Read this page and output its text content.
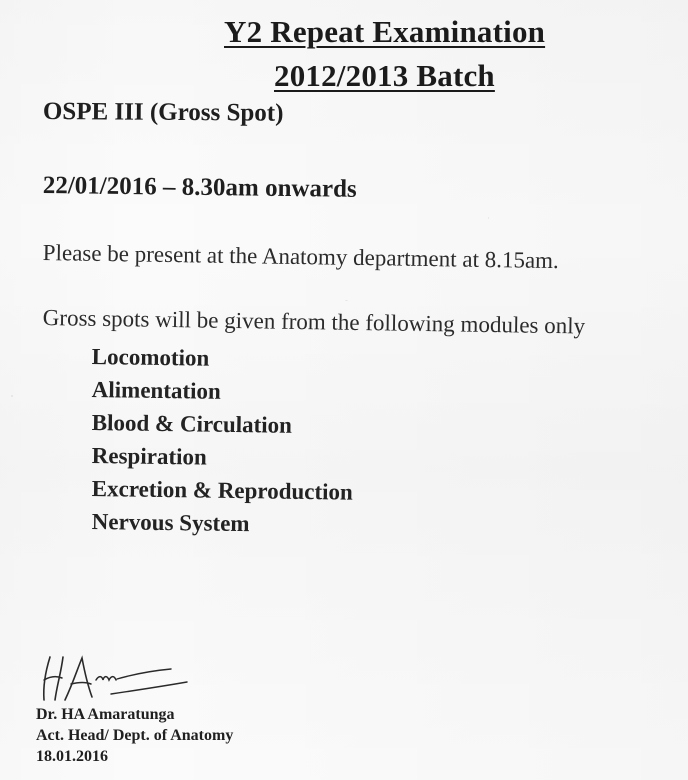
Y2 Repeat Examination
2012/2013 Batch
OSPE III (Gross Spot)
22/01/2016 – 8.30am onwards
Please be present at the Anatomy department at 8.15am.
Gross spots will be given from the following modules only
Locomotion
Alimentation
Blood & Circulation
Respiration
Excretion & Reproduction
Nervous System
Dr. HA Amaratunga
Act. Head/ Dept. of Anatomy
18.01.2016
